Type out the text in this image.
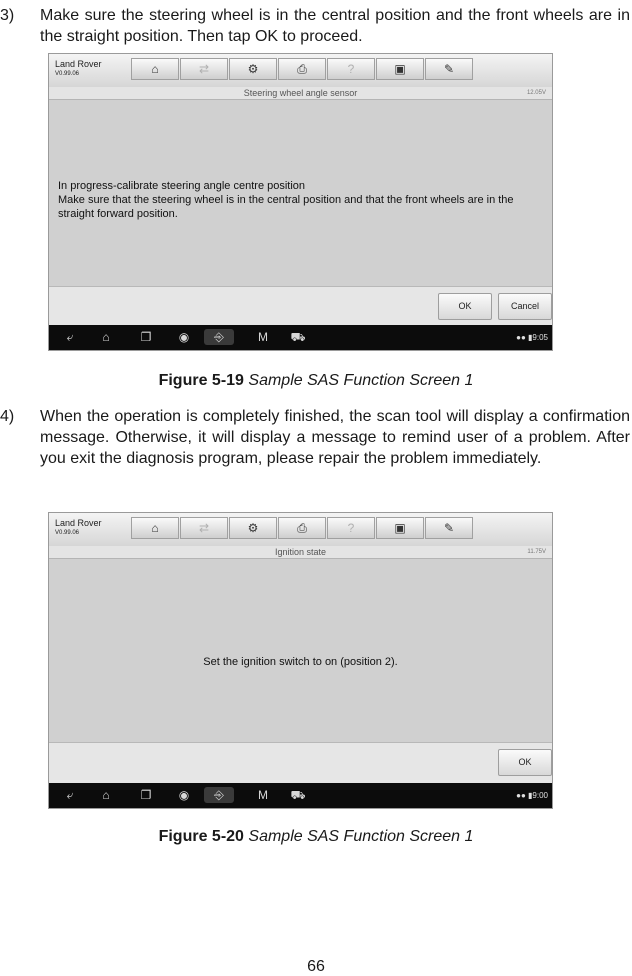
3)	Make sure the steering wheel is in the central position and the front wheels are in the straight position. Then tap OK to proceed.
Land Rover
V0.99.06	⌂	⇄	⚙	⎙	?	▣	✎
Steering wheel angle sensor	12.05V
In progress-calibrate steering angle centre position
Make sure that the steering wheel is in the central position and that the front wheels are in the straight forward position.
OK	Cancel
⤶	⌂	❐	◉	⎆	M	⛟	●● ▮9:05
Figure 5-19 Sample SAS Function Screen 1
4)	When the operation is completely finished, the scan tool will display a confirmation message. Otherwise, it will display a message to remind user of a problem. After you exit the diagnosis program, please repair the problem immediately.
Land Rover
V0.99.06	⌂	⇄	⚙	⎙	?	▣	✎
Ignition state	11.75V
Set the ignition switch to on (position 2).
OK
⤶	⌂	❐	◉	⎆	M	⛟	●● ▮9:00
Figure 5-20 Sample SAS Function Screen 1
66
